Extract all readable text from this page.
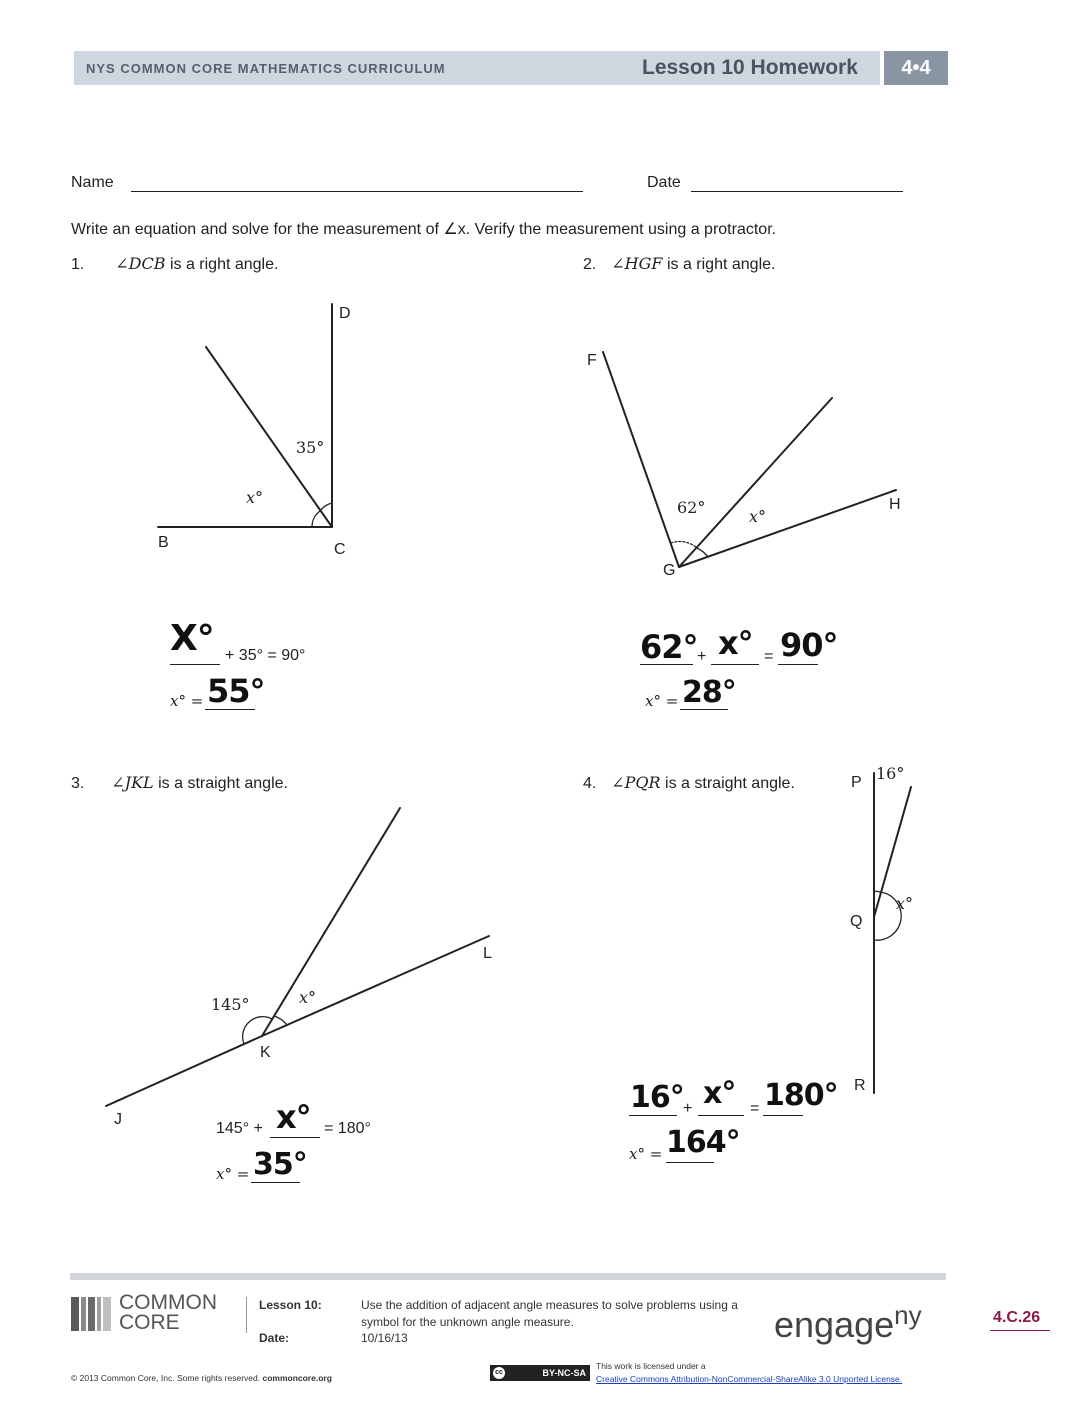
NYS COMMON CORE MATHEMATICS CURRICULUM	Lesson 10 Homework	4•4
Name	Date
Write an equation and solve for the measurement of ∠x. Verify the measurement using a protractor.
1. ∠DCB is a right angle.	2. ∠HGF is a right angle.
3. ∠JKL is a straight angle.	4. ∠PQR is a straight angle.
D
B	C
35°
x°
X° + 35° = 90°
x° = 55°
F
H
G
62°	x°
62° + x° = 90°
x° = 28°
L
K
J
145°	x°
145° + x° = 180°
x° = 35°
P
Q
R
16°
x°
16° + x° = 180°
x° = 164°
COMMON
CORE
Lesson 10:
Date:
Use the addition of adjacent angle measures to solve problems using a
symbol for the unknown angle measure.
10/16/13	engage$^{ny}$	4.C.26
© 2013 Common Core, Inc. Some rights reserved. commoncore.org
cc	BY-NC-SA
This work is licensed under a
Creative Commons Attribution-NonCommercial-ShareAlike 3.0 Unported License.
